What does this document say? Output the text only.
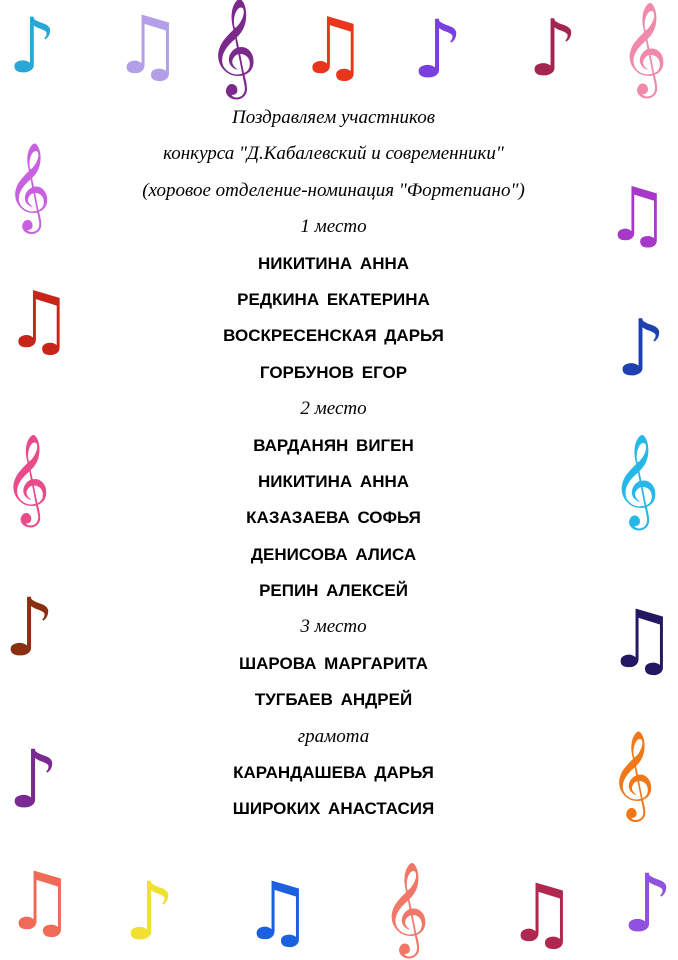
♪ ♫ 𝄞 ♫ ♪ ♪ 𝄞
𝄞
♫
𝄞
♪
♪
♫
♪
𝄞
♫
𝄞
♫ ♪ ♫ 𝄞 ♫ ♪
Поздравляем участников
конкурса "Д.Кабалевский и современники"
(хоровое отделение-номинация "Фортепиано")
1 место
НИКИТИНА АННА
РЕДКИНА ЕКАТЕРИНА
ВОСКРЕСЕНСКАЯ ДАРЬЯ
ГОРБУНОВ ЕГОР
2 место
ВАРДАНЯН ВИГЕН
НИКИТИНА АННА
КАЗАЗАЕВА СОФЬЯ
ДЕНИСОВА АЛИСА
РЕПИН АЛЕКСЕЙ
3 место
ШАРОВА МАРГАРИТА
ТУГБАЕВ АНДРЕЙ
грамота
КАРАНДАШЕВА ДАРЬЯ
ШИРОКИХ АНАСТАСИЯ
